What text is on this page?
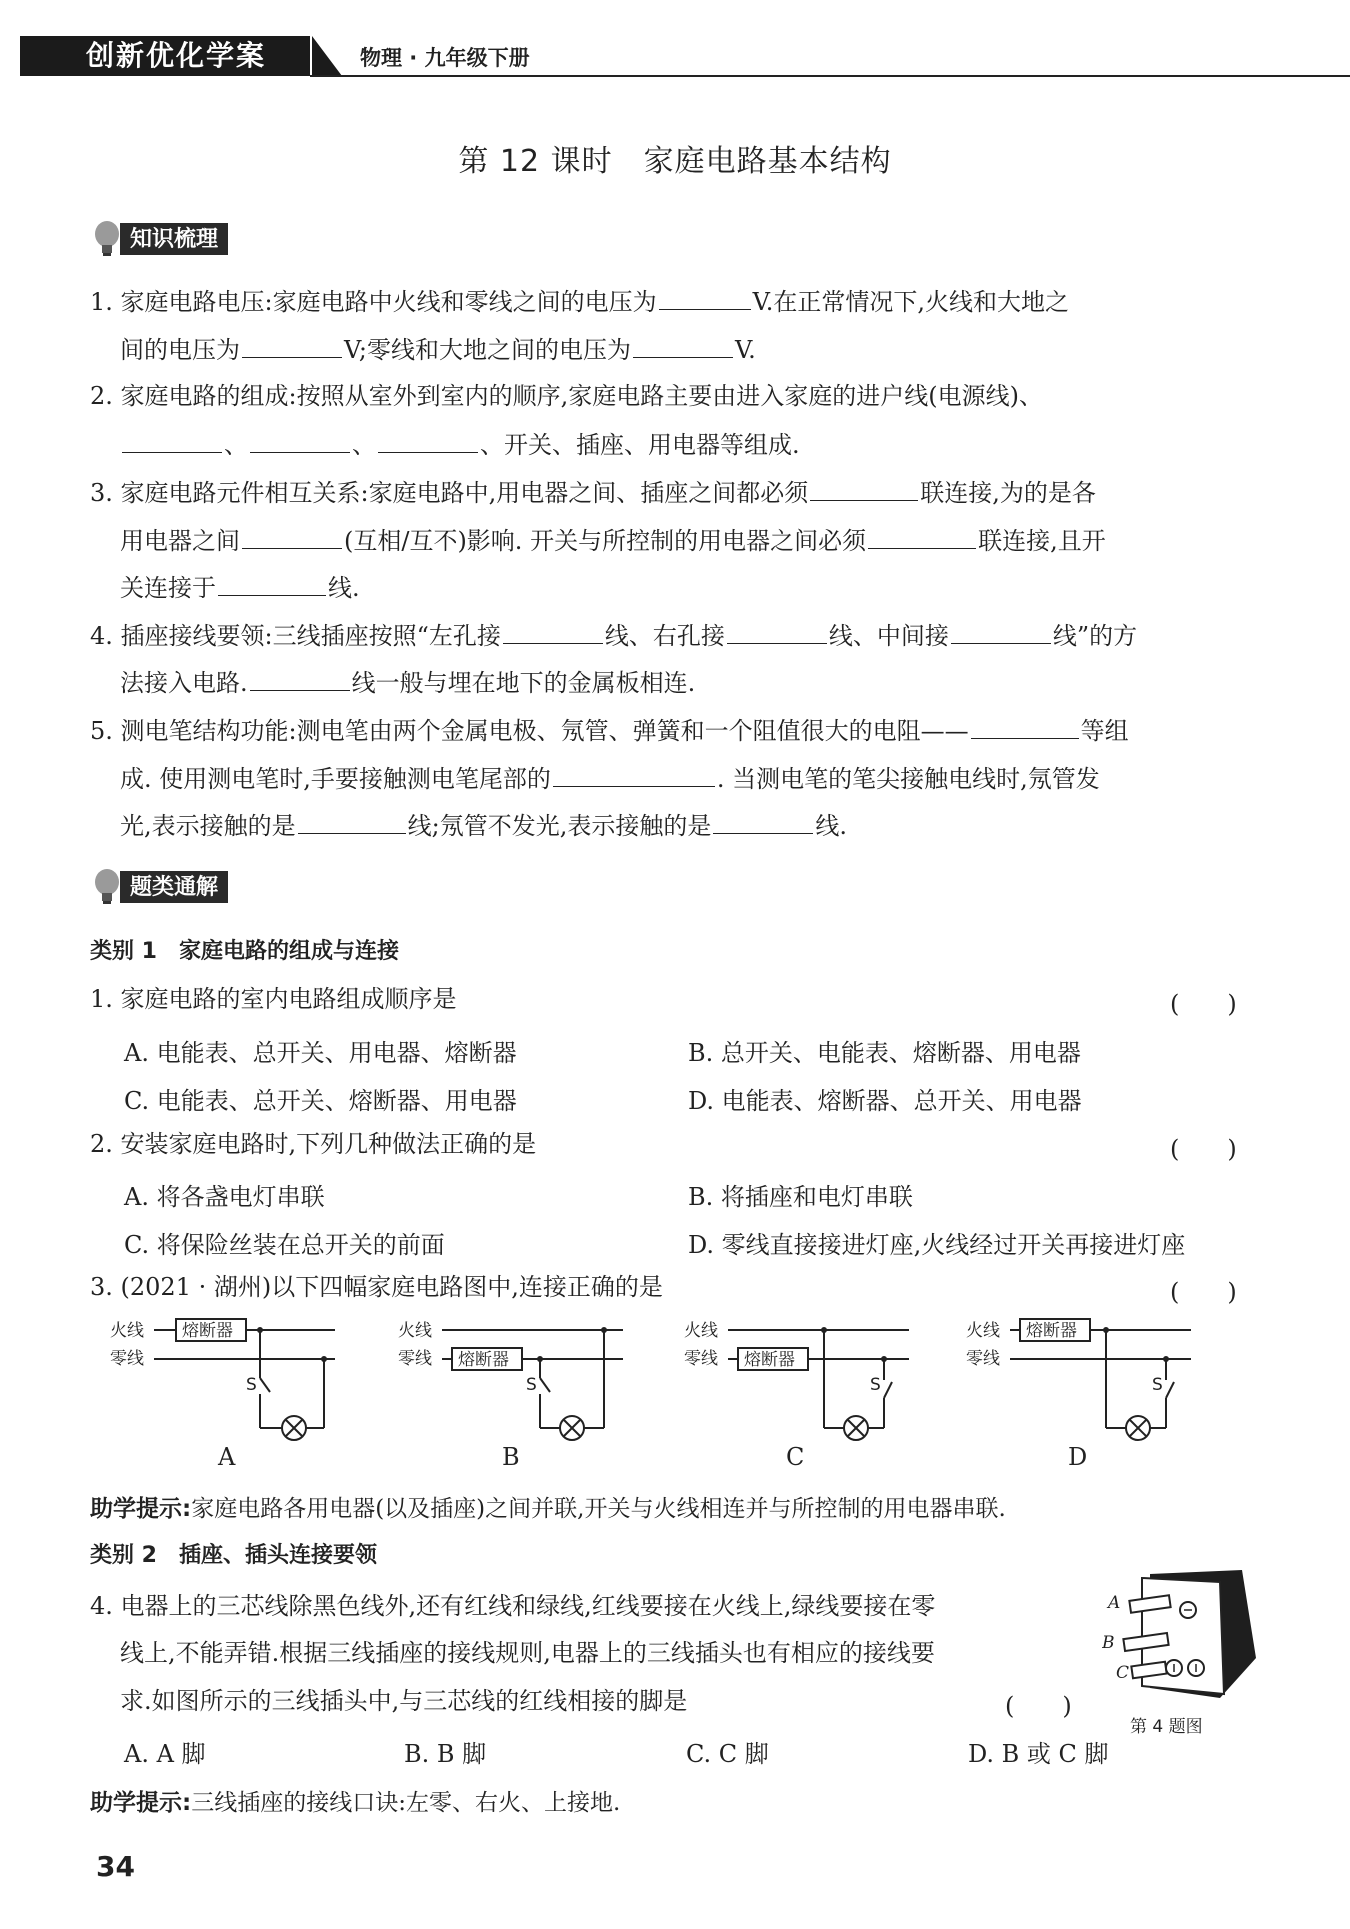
创新优化学案	物理 · 九年级下册
第 12 课时　家庭电路基本结构
知识梳理
1. 家庭电路电压:家庭电路中火线和零线之间的电压为	V.在正常情况下,火线和大地之
间的电压为	V;零线和大地之间的电压为	V.
2. 家庭电路的组成:按照从室外到室内的顺序,家庭电路主要由进入家庭的进户线(电源线)、
、	、	、开关、插座、用电器等组成.
3. 家庭电路元件相互关系:家庭电路中,用电器之间、插座之间都必须	联连接,为的是各
用电器之间	(互相/互不)影响. 开关与所控制的用电器之间必须	联连接,且开
关连接于	线.
4. 插座接线要领:三线插座按照“左孔接	线、右孔接	线、中间接	线”的方
法接入电路.	线一般与埋在地下的金属板相连.
5. 测电笔结构功能:测电笔由两个金属电极、氖管、弹簧和一个阻值很大的电阻——	等组
成. 使用测电笔时,手要接触测电笔尾部的	. 当测电笔的笔尖接触电线时,氖管发
光,表示接触的是	线;氖管不发光,表示接触的是	线.
题类通解
类别 1　家庭电路的组成与连接
1. 家庭电路的室内电路组成顺序是	(　　)
A. 电能表、总开关、用电器、熔断器	B. 总开关、电能表、熔断器、用电器
C. 电能表、总开关、熔断器、用电器	D. 电能表、熔断器、总开关、用电器
2. 安装家庭电路时,下列几种做法正确的是	(　　)
A. 将各盏电灯串联	B. 将插座和电灯串联
C. 将保险丝装在总开关的前面	D. 零线直接接进灯座,火线经过开关再接进灯座
3. (2021 · 湖州)以下四幅家庭电路图中,连接正确的是	(　　)
火线
零线
熔断器
S
A
火线
零线 熔断器
S
B
火线
零线 熔断器
S
C
火线
零线
熔断器
S
D
助学提示:家庭电路各用电器(以及插座)之间并联,开关与火线相连并与所控制的用电器串联.
类别 2　插座、插头连接要领
4. 电器上的三芯线除黑色线外,还有红线和绿线,红线要接在火线上,绿线要接在零
线上,不能弄错.根据三线插座的接线规则,电器上的三线插头也有相应的接线要
求.如图所示的三线插头中,与三芯线的红线相接的脚是	(　　)
A. A 脚	B. B 脚	C. C 脚	D. B 或 C 脚
A
B
C
第 4 题图
助学提示:三线插座的接线口诀:左零、右火、上接地.
34
